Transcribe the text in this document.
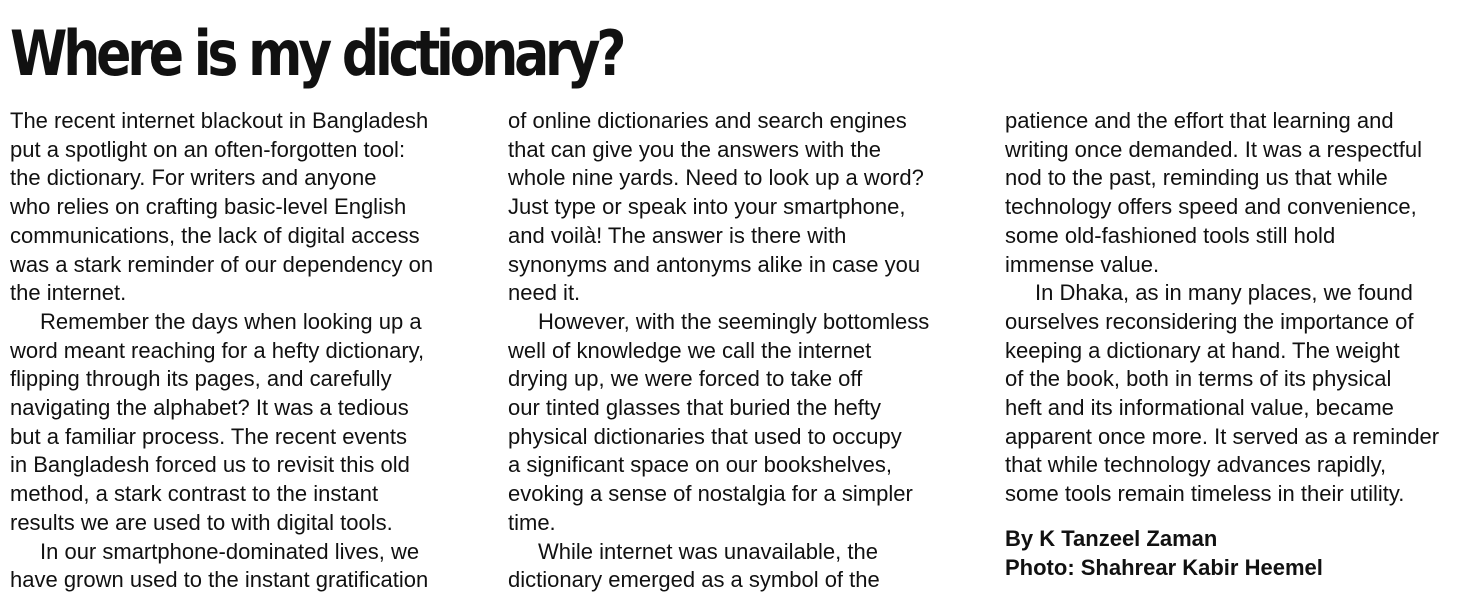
Where is my dictionary?
The recent internet blackout in Bangladesh
put a spotlight on an often-forgotten tool:
the dictionary. For writers and anyone
who relies on crafting basic-level English
communications, the lack of digital access
was a stark reminder of our dependency on
the internet.
Remember the days when looking up a
word meant reaching for a hefty dictionary,
flipping through its pages, and carefully
navigating the alphabet? It was a tedious
but a familiar process. The recent events
in Bangladesh forced us to revisit this old
method, a stark contrast to the instant
results we are used to with digital tools.
In our smartphone-dominated lives, we
have grown used to the instant gratification
of online dictionaries and search engines
that can give you the answers with the
whole nine yards. Need to look up a word?
Just type or speak into your smartphone,
and voilà! The answer is there with
synonyms and antonyms alike in case you
need it.
However, with the seemingly bottomless
well of knowledge we call the internet
drying up, we were forced to take off
our tinted glasses that buried the hefty
physical dictionaries that used to occupy
a significant space on our bookshelves,
evoking a sense of nostalgia for a simpler
time.
While internet was unavailable, the
dictionary emerged as a symbol of the
patience and the effort that learning and
writing once demanded. It was a respectful
nod to the past, reminding us that while
technology offers speed and convenience,
some old-fashioned tools still hold
immense value.
In Dhaka, as in many places, we found
ourselves reconsidering the importance of
keeping a dictionary at hand. The weight
of the book, both in terms of its physical
heft and its informational value, became
apparent once more. It served as a reminder
that while technology advances rapidly,
some tools remain timeless in their utility.
By K Tanzeel Zaman
Photo: Shahrear Kabir Heemel
